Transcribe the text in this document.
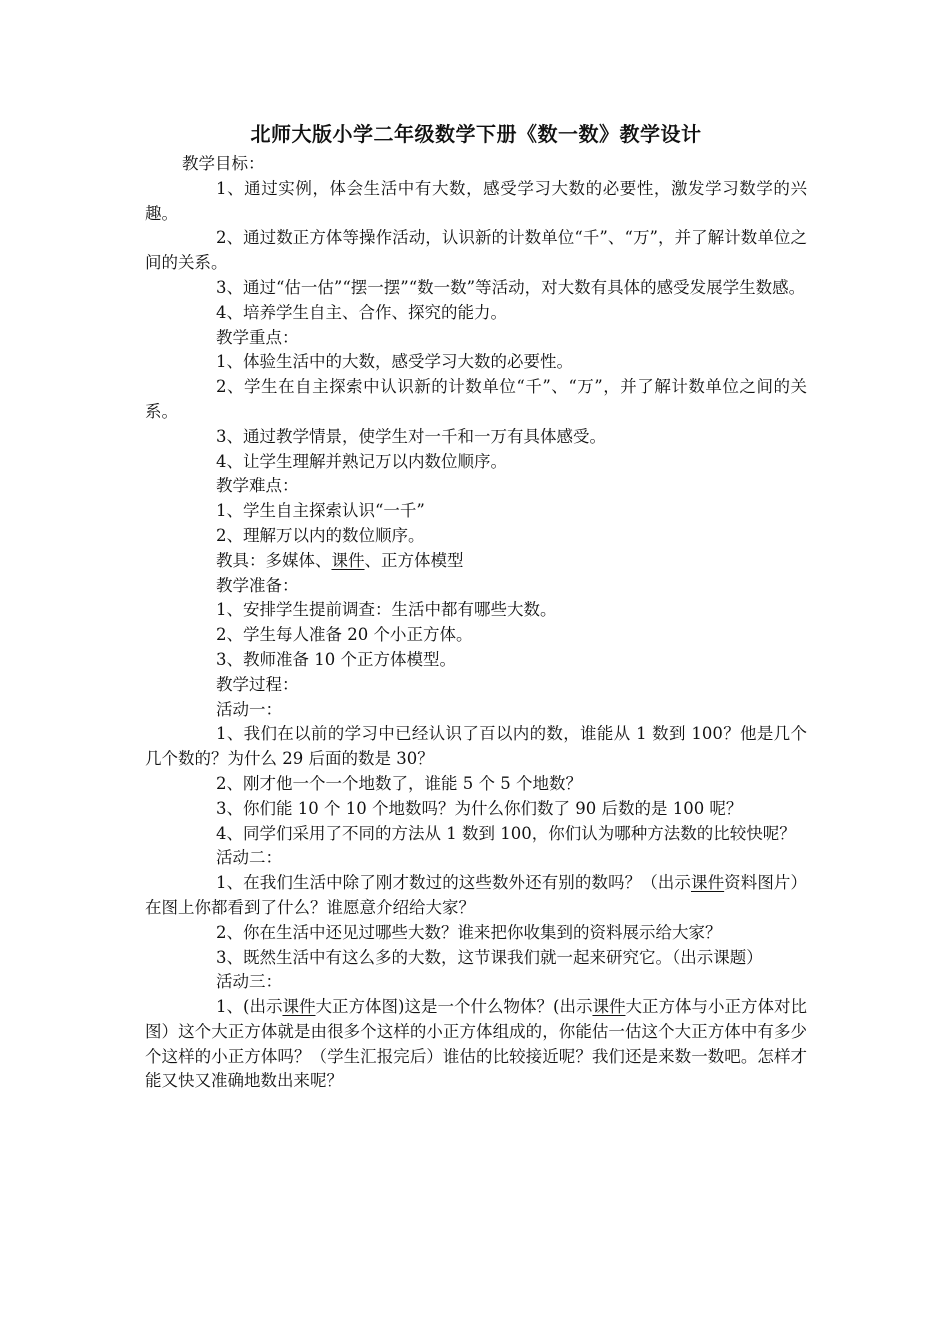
北师大版小学二年级数学下册《数一数》教学设计

教学目标：

1、通过实例，体会生活中有大数，感受学习大数的必要性，激发学习数学的兴趣。

2、通过数正方体等操作活动，认识新的计数单位“千”、“万”，并了解计数单位之间的关系。

3、通过“估一估”“摆一摆”“数一数”等活动，对大数有具体的感受发展学生数感。

4、培养学生自主、合作、探究的能力。

教学重点：

1、体验生活中的大数，感受学习大数的必要性。

2、学生在自主探索中认识新的计数单位“千”、“万”，并了解计数单位之间的关系。

3、通过教学情景，使学生对一千和一万有具体感受。

4、让学生理解并熟记万以内数位顺序。

教学难点：

1、学生自主探索认识“一千”

2、理解万以内的数位顺序。

教具：多媒体、课件、正方体模型

教学准备：

1、安排学生提前调查：生活中都有哪些大数。

2、学生每人准备 20 个小正方体。

3、教师准备 10 个正方体模型。

教学过程：

活动一：

1、我们在以前的学习中已经认识了百以内的数，谁能从 1 数到 100？他是几个几个数的？为什么 29 后面的数是 30？

2、刚才他一个一个地数了，谁能 5 个 5 个地数？

3、你们能 10 个 10 个地数吗？为什么你们数了 90 后数的是 100 呢？

4、同学们采用了不同的方法从 1 数到 100，你们认为哪种方法数的比较快呢？

活动二：

1、在我们生活中除了刚才数过的这些数外还有别的数吗？（出示课件资料图片）在图上你都看到了什么？谁愿意介绍给大家？

2、你在生活中还见过哪些大数？谁来把你收集到的资料展示给大家？

3、既然生活中有这么多的大数，这节课我们就一起来研究它。（出示课题）

活动三：

1、(出示课件大正方体图)这是一个什么物体？(出示课件大正方体与小正方体对比图）这个大正方体就是由很多个这样的小正方体组成的，你能估一估这个大正方体中有多少个这样的小正方体吗？（学生汇报完后）谁估的比较接近呢？我们还是来数一数吧。怎样才能又快又准确地数出来呢？
